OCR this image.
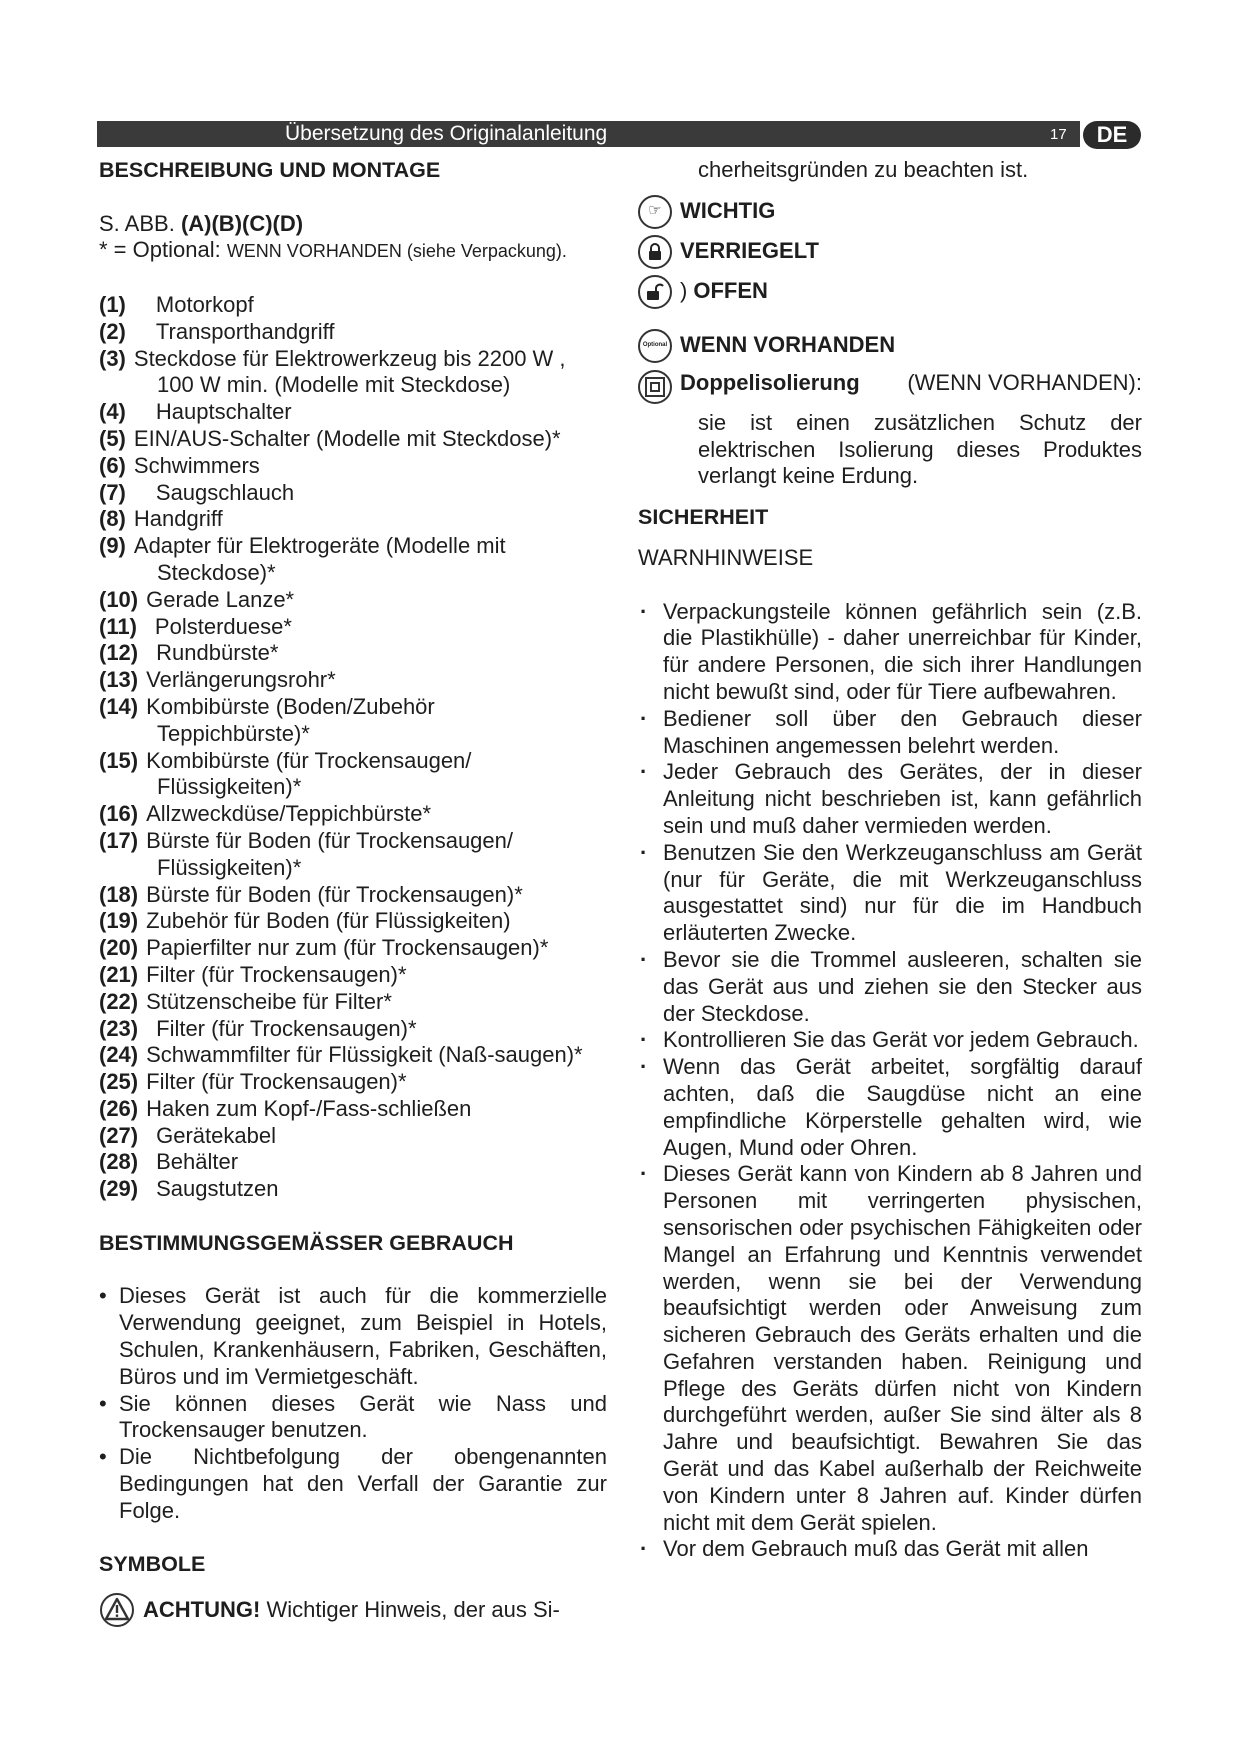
Übersetzung des Originalanleitung	17	DE
BESCHREIBUNG UND MONTAGE
S. ABB. (A)(B)(C)(D)
* = Optional: WENN VORHANDEN (siehe Verpackung).
(1) Motorkopf
(2) Transporthandgriff
(3) Steckdose für Elektrowerkzeug bis 2200 W ,
100 W min. (Modelle mit Steckdose)
(4) Hauptschalter
(5) EIN/AUS-Schalter (Modelle mit Steckdose)*
(6) Schwimmers
(7) Saugschlauch
(8) Handgriff
(9) Adapter für Elektrogeräte (Modelle mit
Steckdose)*
(10) Gerade Lanze*
(11) Polsterduese*
(12) Rundbürste*
(13) Verlängerungsrohr*
(14) Kombibürste (Boden/Zubehör
Teppichbürste)*
(15) Kombibürste (für Trockensaugen/
Flüssigkeiten)*
(16) Allzweckdüse/Teppichbürste*
(17) Bürste für Boden (für Trockensaugen/
Flüssigkeiten)*
(18) Bürste für Boden (für Trockensaugen)*
(19) Zubehör für Boden (für Flüssigkeiten)
(20) Papierfilter nur zum (für Trockensaugen)*
(21) Filter (für Trockensaugen)*
(22) Stützenscheibe für Filter*
(23) Filter (für Trockensaugen)*
(24) Schwammfilter für Flüssigkeit (Naß-saugen)*
(25) Filter (für Trockensaugen)*
(26) Haken zum Kopf-/Fass-schließen
(27) Gerätekabel
(28) Behälter
(29) Saugstutzen
BESTIMMUNGSGEMÄSSER GEBRAUCH
• Dieses Gerät ist auch für die kommerzielle Verwendung geeignet, zum Beispiel in Hotels, Schulen, Krankenhäusern, Fabriken, Geschäften, Büros und im Vermietgeschäft.
• Sie können dieses Gerät wie Nass und Trockensauger benutzen.
• Die Nichtbefolgung der obengenannten Bedingungen hat den Verfall der Garantie zur Folge.
SYMBOLE
ACHTUNG! Wichtiger Hinweis, der aus Si-
cherheitsgründen zu beachten ist.
☞ WICHTIG
VERRIEGELT
) OFFEN
Optional WENN VORHANDEN
Doppelisolierung (WENN VORHANDEN):
sie ist einen zusätzlichen Schutz der elektrischen Isolierung dieses Produktes verlangt keine Erdung.
SICHERHEIT
WARNHINWEISE
· Verpackungsteile können gefährlich sein (z.B. die Plastikhülle) - daher unerreichbar für Kinder, für andere Personen, die sich ihrer Handlungen nicht bewußt sind, oder für Tiere aufbewahren.
· Bediener soll über den Gebrauch dieser Maschinen angemessen belehrt werden.
· Jeder Gebrauch des Gerätes, der in dieser Anleitung nicht beschrieben ist, kann gefährlich sein und muß daher vermieden werden.
· Benutzen Sie den Werkzeuganschluss am Gerät (nur für Geräte, die mit Werkzeuganschluss ausgestattet sind) nur für die im Handbuch erläuterten Zwecke.
· Bevor sie die Trommel ausleeren, schalten sie das Gerät aus und ziehen sie den Stecker aus der Steckdose.
· Kontrollieren Sie das Gerät vor jedem Gebrauch.
· Wenn das Gerät arbeitet, sorgfältig darauf achten, daß die Saugdüse nicht an eine empfindliche Körperstelle gehalten wird, wie Augen, Mund oder Ohren.
· Dieses Gerät kann von Kindern ab 8 Jahren und Personen mit verringerten physischen, sensorischen oder psychischen Fähigkeiten oder Mangel an Erfahrung und Kenntnis verwendet werden, wenn sie bei der Verwendung beaufsichtigt werden oder Anweisung zum sicheren Gebrauch des Geräts erhalten und die Gefahren verstanden haben. Reinigung und Pflege des Geräts dürfen nicht von Kindern durchgeführt werden, außer Sie sind älter als 8 Jahre und beaufsichtigt. Bewahren Sie das Gerät und das Kabel außerhalb der Reichweite von Kindern unter 8 Jahren auf. Kinder dürfen nicht mit dem Gerät spielen.
· Vor dem Gebrauch muß das Gerät mit allen
